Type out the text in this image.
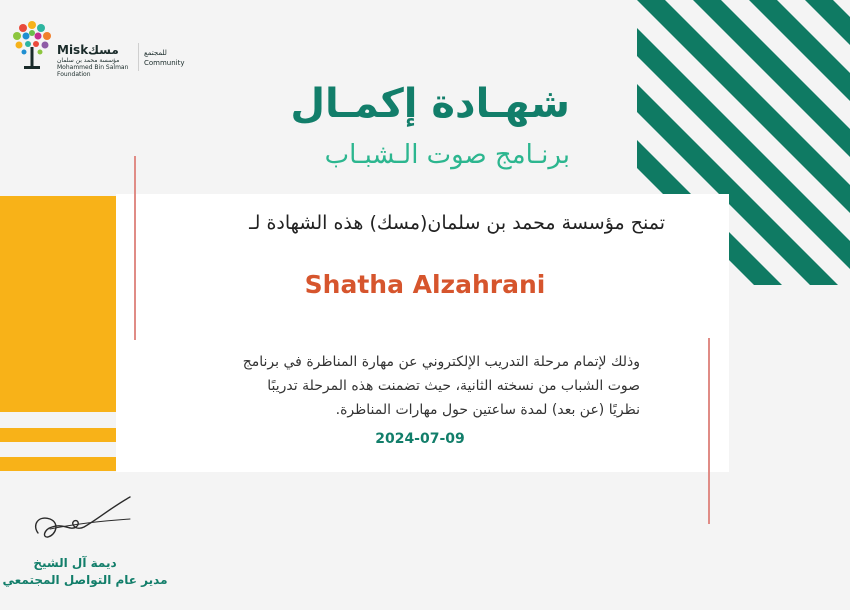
Misk مسك
مؤسسة محمد بن سلمان
Mohammed Bin Salman
Foundation
للمجتمع
Community
شهـادة إكمـال
برنـامج صوت الـشبـاب
تمنح مؤسسة محمد بن سلمان(مسك) هذه الشهادة لـ
Shatha Alzahrani
وذلك لإتمام مرحلة التدريب الإلكتروني عن مهارة المناظرة في برنامج
صوت الشباب من نسخته الثانية، حيث تضمنت هذه المرحلة تدريبًا
نظريًا (عن بعد) لمدة ساعتين حول مهارات المناظرة.
2024-07-09
ديمة آل الشيخ
مدير عام التواصل المجتمعي
